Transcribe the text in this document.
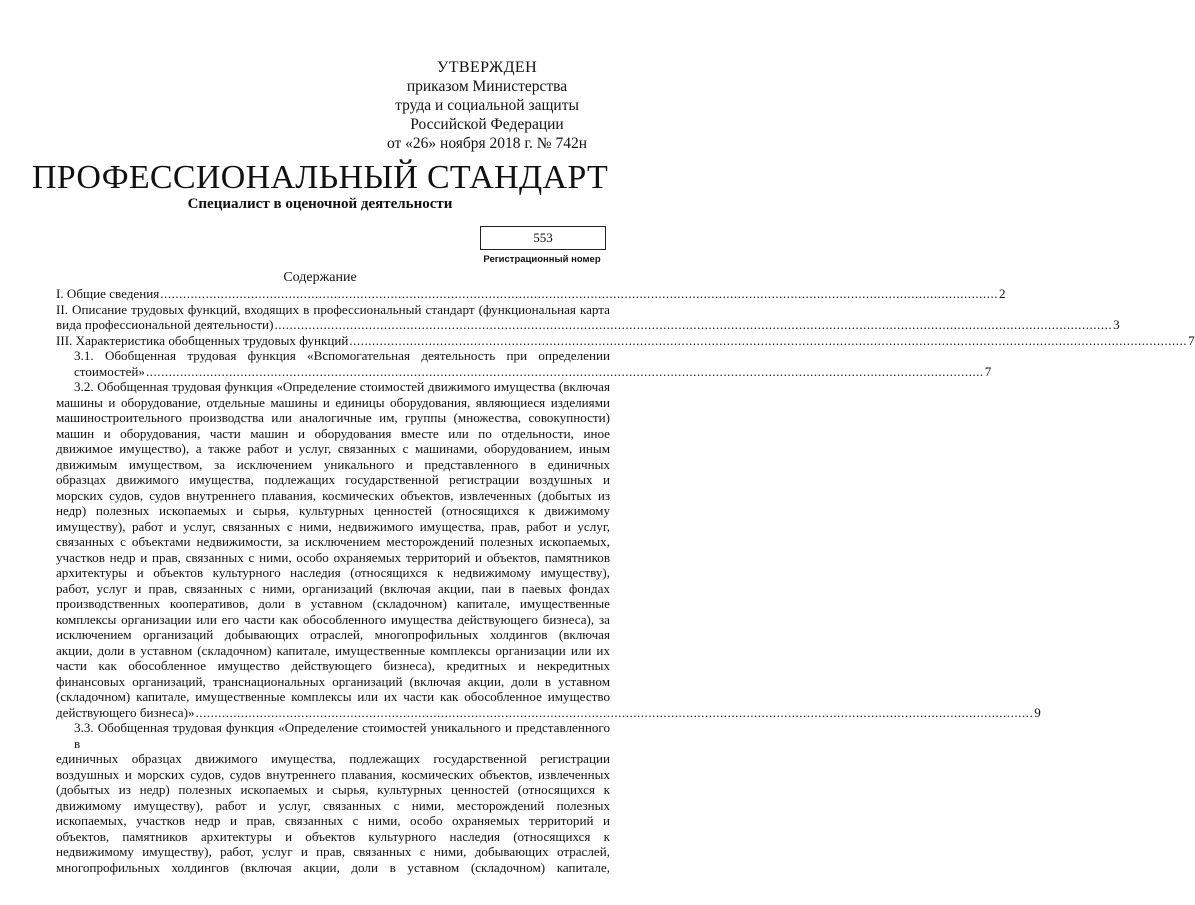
УТВЕРЖДЕН
приказом Министерства
труда и социальной защиты
Российской Федерации
от «26» ноября 2018 г. № 742н
ПРОФЕССИОНАЛЬНЫЙ СТАНДАРТ
Специалист в оценочной деятельности
553
Регистрационный номер
Содержание
I. Общие сведения .............................................................................................................................................................................................................................. 2
II. Описание трудовых функций, входящих в профессиональный стандарт (функциональная карта
вида профессиональной деятельности) .............................................................................................................................................................................................................................. 3
III. Характеристика обобщенных трудовых функций .............................................................................................................................................................................................................................. 7
3.1.   Обобщенная   трудовая   функция   «Вспомогательная   деятельность   при   определении
стоимостей» .............................................................................................................................................................................................................................. 7
3.2. Обобщенная трудовая функция «Определение стоимостей движимого имущества (включая
машины и оборудование, отдельные машины и единицы оборудования, являющиеся изделиями
машиностроительного производства или аналогичные им, группы (множества, совокупности)
машин и оборудования, части машин и оборудования вместе или по отдельности, иное
движимое имущество), а также работ и услуг, связанных с машинами, оборудованием, иным
движимым имуществом, за исключением уникального и представленного в единичных
образцах движимого имущества, подлежащих государственной регистрации воздушных и
морских судов, судов внутреннего плавания, космических объектов, извлеченных (добытых из
недр) полезных ископаемых и сырья, культурных ценностей (относящихся к движимому
имуществу), работ и услуг, связанных с ними, недвижимого имущества, прав, работ и услуг,
связанных с объектами недвижимости, за исключением месторождений полезных ископаемых,
участков недр и прав, связанных с ними, особо охраняемых территорий и объектов, памятников
архитектуры и объектов культурного наследия (относящихся к недвижимому имуществу),
работ, услуг и прав, связанных с ними, организаций (включая акции, паи в паевых фондах
производственных кооперативов, доли в уставном (складочном) капитале, имущественные
комплексы организации или его части как обособленного имущества действующего бизнеса), за
исключением организаций добывающих отраслей, многопрофильных холдингов (включая
акции, доли в уставном (складочном) капитале, имущественные комплексы организации или их
части как обособленное имущество действующего бизнеса), кредитных и некредитных
финансовых организаций, транснациональных организаций (включая акции, доли в уставном
(складочном) капитале, имущественные комплексы или их части как обособленное имущество
действующего бизнеса)» .............................................................................................................................................................................................................................. 9
3.3. Обобщенная трудовая функция «Определение стоимостей уникального и представленного в
единичных образцах движимого имущества, подлежащих государственной регистрации
воздушных и морских судов, судов внутреннего плавания, космических объектов, извлеченных
(добытых из недр) полезных ископаемых и сырья, культурных ценностей (относящихся к
движимому имуществу), работ и услуг, связанных с ними, месторождений полезных
ископаемых, участков недр и прав, связанных с ними, особо охраняемых территорий и
объектов, памятников архитектуры и объектов культурного наследия (относящихся к
недвижимому имуществу), работ, услуг и прав, связанных с ними, добывающих отраслей,
многопрофильных холдингов (включая акции, доли в уставном (складочном) капитале,
